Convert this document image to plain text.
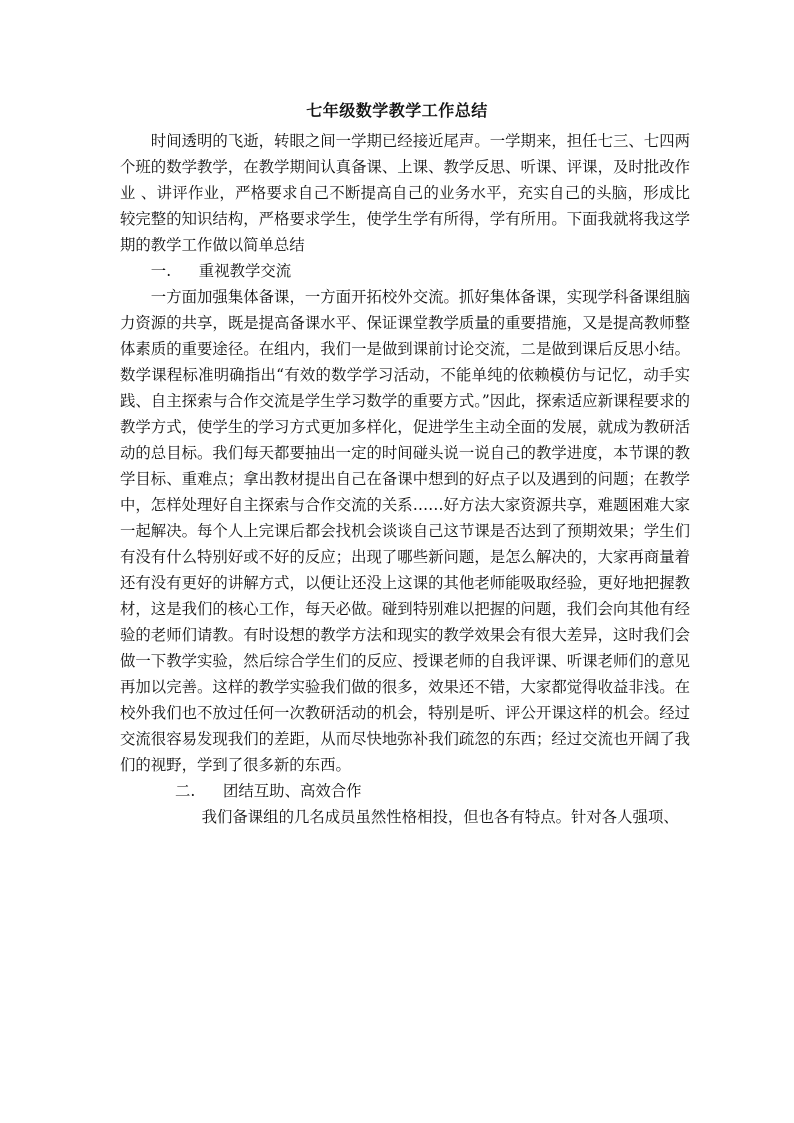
七年级数学教学工作总结

时间透明的飞逝，转眼之间一学期已经接近尾声。一学期来，担任七三、七四两个班的数学教学，在教学期间认真备课、上课、教学反思、听课、评课，及时批改作业 、讲评作业，严格要求自己不断提高自己的业务水平，充实自己的头脑，形成比较完整的知识结构，严格要求学生，使学生学有所得，学有所用。下面我就将我这学期的教学工作做以简单总结

一. 重视教学交流

一方面加强集体备课，一方面开拓校外交流。抓好集体备课，实现学科备课组脑力资源的共享，既是提高备课水平、保证课堂教学质量的重要措施，又是提高教师整体素质的重要途径。在组内，我们一是做到课前讨论交流，二是做到课后反思小结。数学课程标准明确指出“有效的数学学习活动，不能单纯的依赖模仿与记忆，动手实践、自主探索与合作交流是学生学习数学的重要方式。”因此，探索适应新课程要求的教学方式，使学生的学习方式更加多样化，促进学生主动全面的发展，就成为教研活动的总目标。我们每天都要抽出一定的时间碰头说一说自己的教学进度，本节课的教学目标、重难点；拿出教材提出自己在备课中想到的好点子以及遇到的问题；在教学中，怎样处理好自主探索与合作交流的关系……好方法大家资源共享，难题困难大家一起解决。每个人上完课后都会找机会谈谈自己这节课是否达到了预期效果；学生们有没有什么特别好或不好的反应；出现了哪些新问题，是怎么解决的，大家再商量着还有没有更好的讲解方式，以便让还没上这课的其他老师能吸取经验，更好地把握教材，这是我们的核心工作，每天必做。碰到特别难以把握的问题，我们会向其他有经验的老师们请教。有时设想的教学方法和现实的教学效果会有很大差异，这时我们会做一下教学实验，然后综合学生们的反应、授课老师的自我评课、听课老师们的意见再加以完善。这样的教学实验我们做的很多，效果还不错，大家都觉得收益非浅。在校外我们也不放过任何一次教研活动的机会，特别是听、评公开课这样的机会。经过交流很容易发现我们的差距，从而尽快地弥补我们疏忽的东西；经过交流也开阔了我们的视野，学到了很多新的东西。

二. 团结互助、高效合作

我们备课组的几名成员虽然性格相投，但也各有特点。针对各人强项、
